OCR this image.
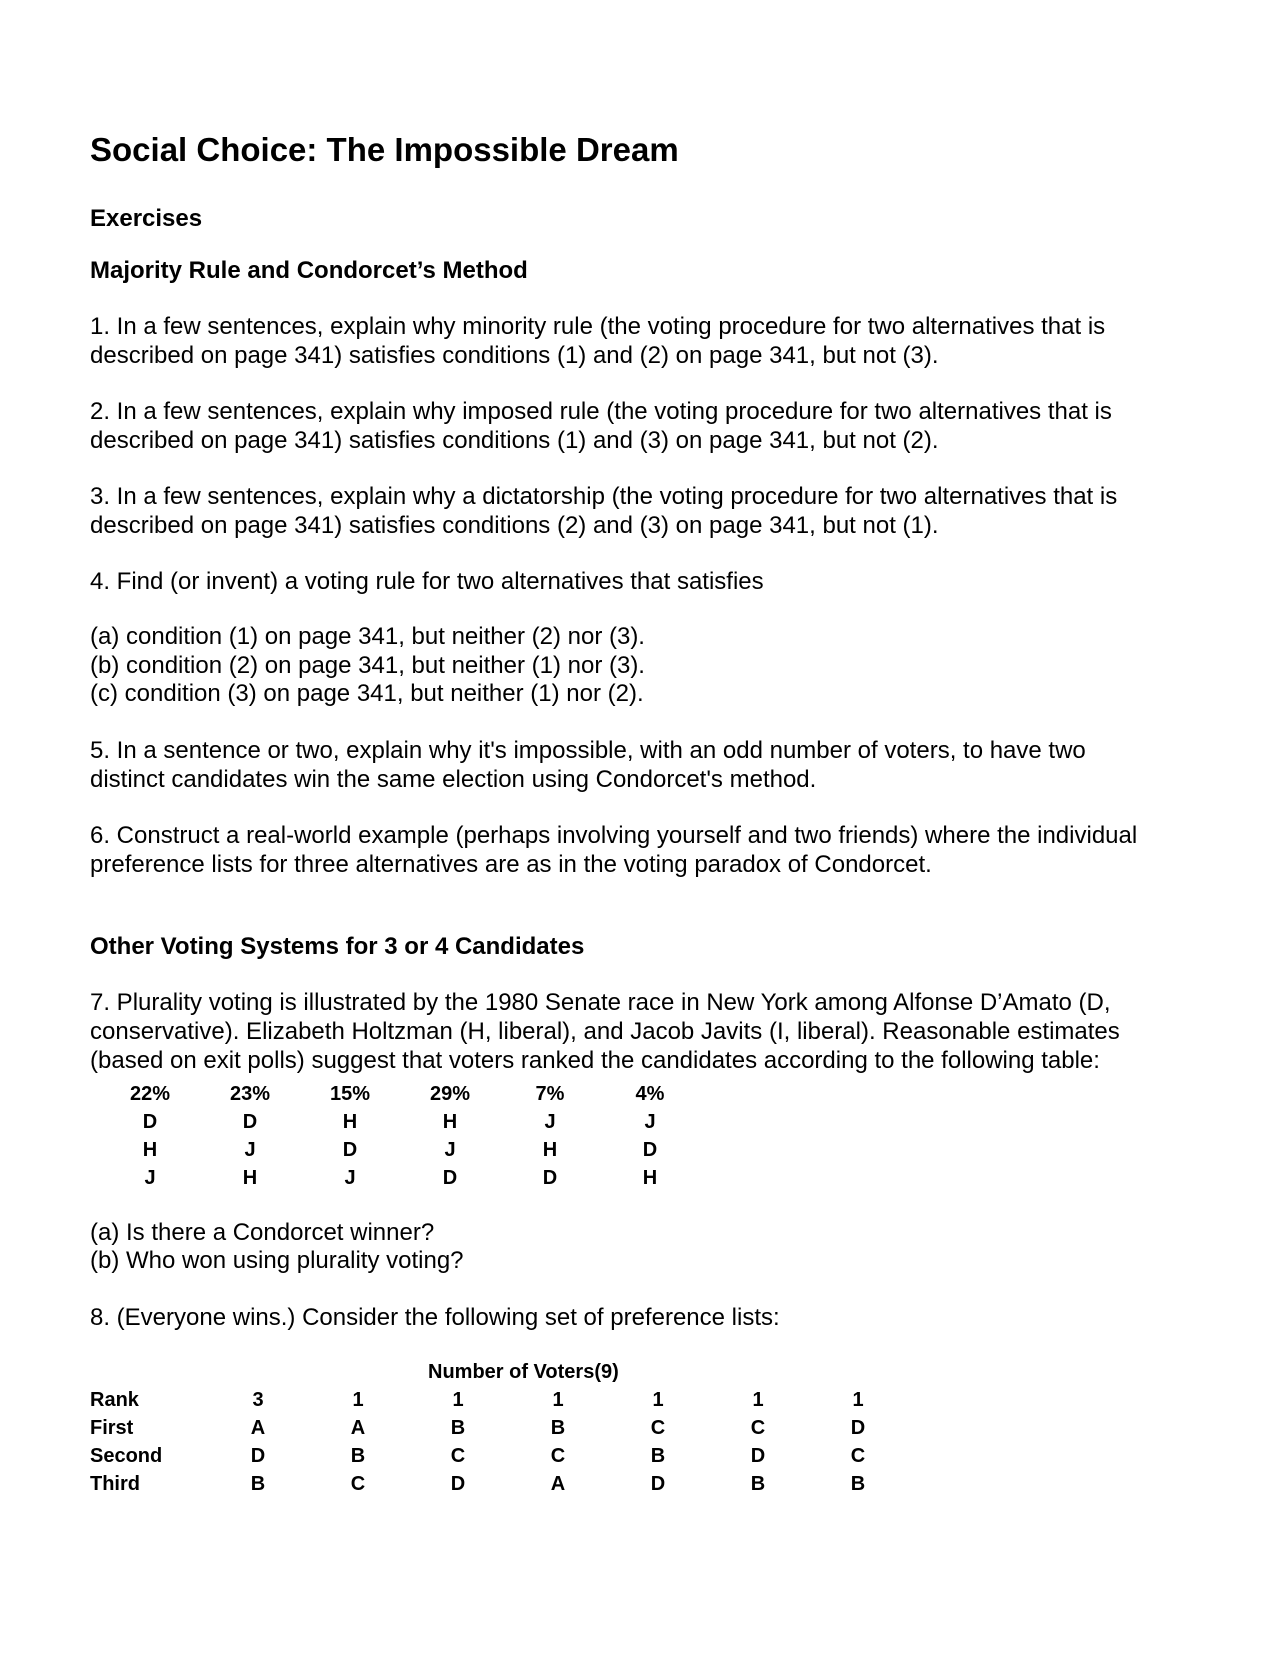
Social Choice: The Impossible Dream
Exercises
Majority Rule and Condorcet’s Method

1. In a few sentences, explain why minority rule (the voting procedure for two alternatives that is

described on page 341) satisfies conditions (1) and (2) on page 341, but not (3).

2. In a few sentences, explain why imposed rule (the voting procedure for two alternatives that is

described on page 341) satisfies conditions (1) and (3) on page 341, but not (2).

3. In a few sentences, explain why a dictatorship (the voting procedure for two alternatives that is

described on page 341) satisfies conditions (2) and (3) on page 341, but not (1).

4. Find (or invent) a voting rule for two alternatives that satisfies

(a) condition (1) on page 341, but neither (2) nor (3).

(b) condition (2) on page 341, but neither (1) nor (3).

(c) condition (3) on page 341, but neither (1) nor (2).

5. In a sentence or two, explain why it's impossible, with an odd number of voters, to have two

distinct candidates win the same election using Condorcet's method.

6. Construct a real-world example (perhaps involving yourself and two friends) where the individual

preference lists for three alternatives are as in the voting paradox of Condorcet.

Other Voting Systems for 3 or 4 Candidates

7. Plurality voting is illustrated by the 1980 Senate race in New York among Alfonse D’Amato (D,

conservative). Elizabeth Holtzman (H, liberal), and Jacob Javits (I, liberal). Reasonable estimates

(based on exit polls) suggest that voters ranked the candidates according to the following table:

22%	23%	15%	29%	7%	4%
D	D	H	H	J	J
H	J	D	J	H	D
J	H	J	D	D	H

(a) Is there a Condorcet winner?

(b) Who won using plurality voting?

8. (Everyone wins.) Consider the following set of preference lists:

			Number of Voters(9)				
Rank	3	1	1	1	1	1	1
First	A	A	B	B	C	C	D
Second	D	B	C	C	B	D	C
Third	B	C	D	A	D	B	B
